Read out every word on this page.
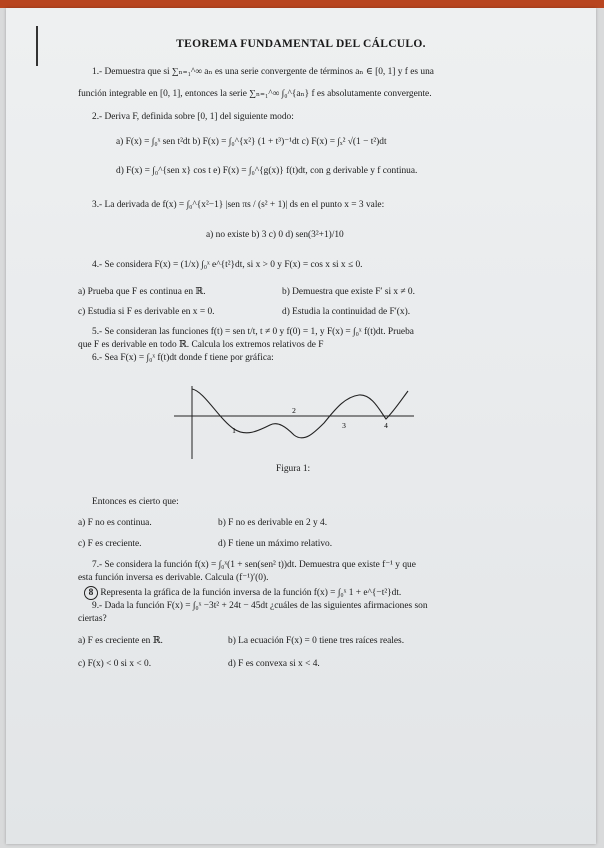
TEOREMA FUNDAMENTAL DEL CÁLCULO.
1.- Demuestra que si ∑ₙ₌₁^∞ aₙ es una serie convergente de términos aₙ ∈ [0, 1] y f es una
función integrable en [0, 1], entonces la serie ∑ₙ₌₁^∞ ∫₀^{aₙ} f es absolutamente convergente.
2.- Deriva F, definida sobre [0, 1] del siguiente modo:
a) F(x) = ∫₀ˣ sen t²dt b) F(x) = ∫₀^{x²} (1 + t³)⁻¹dt c) F(x) = ∫ₓ² √(1 − t²)dt
d) F(x) = ∫₀^{sen x} cos t e) F(x) = ∫₀^{g(x)} f(t)dt, con g derivable y f continua.
3.- La derivada de f(x) = ∫₀^{x²−1} |sen πs / (s² + 1)| ds en el punto x = 3 vale:
a) no existe b) 3 c) 0 d) sen(3²+1)/10
4.- Se considera F(x) = (1/x) ∫₀ˣ e^{t²}dt, si x > 0 y F(x) = cos x si x ≤ 0.
a) Prueba que F es continua en ℝ.	b) Demuestra que existe F′ si x ≠ 0.
c) Estudia si F es derivable en x = 0.	d) Estudia la continuidad de F′(x).
5.- Se consideran las funciones f(t) = sen t/t, t ≠ 0 y f(0) = 1, y F(x) = ∫₀ˣ f(t)dt. Prueba
que F es derivable en todo ℝ. Calcula los extremos relativos de F
6.- Sea F(x) = ∫₀ˣ f(t)dt donde f tiene por gráfica:
1
2
3	4
Figura 1:
Entonces es cierto que:
a) F no es continua.	b) F no es derivable en 2 y 4.
c) F es creciente.	d) F tiene un máximo relativo.
7.- Se considera la función f(x) = ∫₀ˣ(1 + sen(sen² t))dt. Demuestra que existe f⁻¹ y que
esta función inversa es derivable. Calcula (f⁻¹)′(0).
8 Representa la gráfica de la función inversa de la función f(x) = ∫₀ˣ 1 + e^{−t²}dt.
9.- Dada la función F(x) = ∫₀ˣ −3t² + 24t − 45dt ¿cuáles de las siguientes afirmaciones son
ciertas?
a) F es creciente en ℝ.	b) La ecuación F(x) = 0 tiene tres raíces reales.
c) F(x) < 0 si x < 0.	d) F es convexa si x < 4.
